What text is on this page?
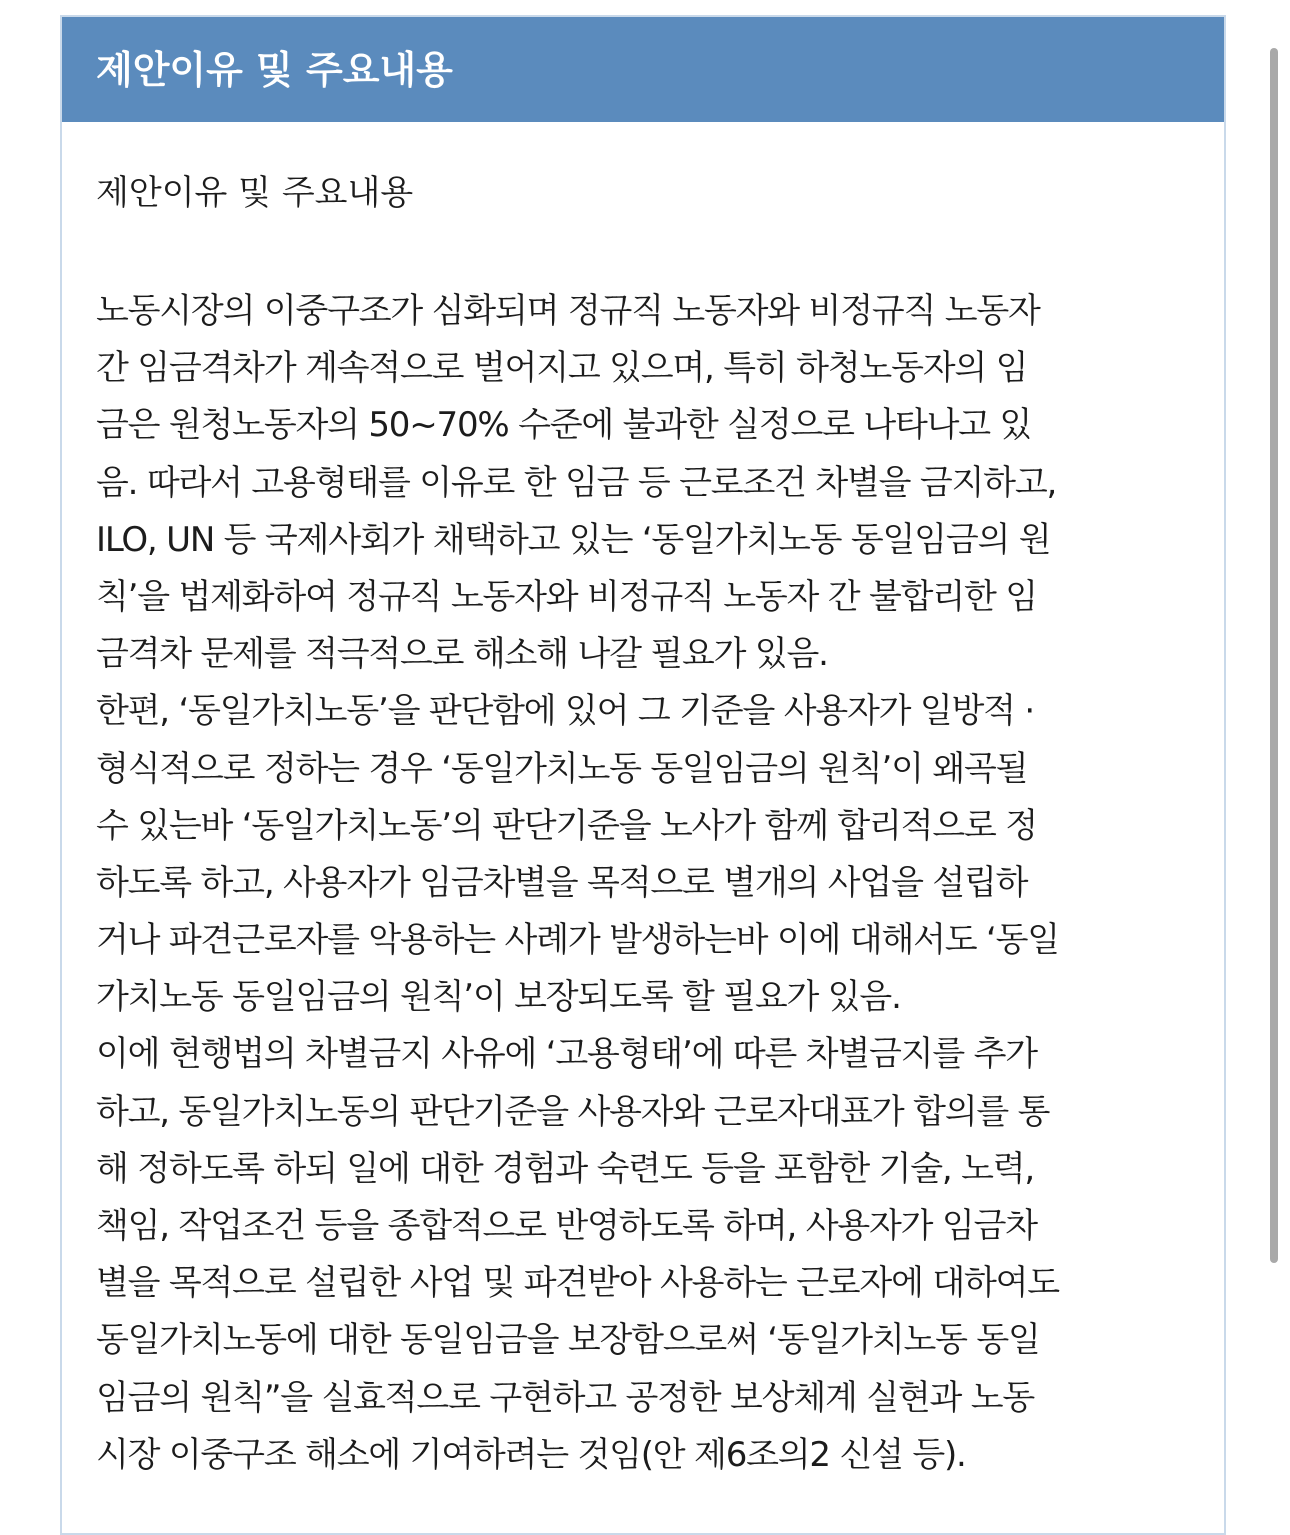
제안이유 및 주요내용

제안이유 및 주요내용

노동시장의 이중구조가 심화되며 정규직 노동자와 비정규직 노동자
간 임금격차가 계속적으로 벌어지고 있으며, 특히 하청노동자의 임
금은 원청노동자의 50~70% 수준에 불과한 실정으로 나타나고 있
음. 따라서 고용형태를 이유로 한 임금 등 근로조건 차별을 금지하고,
ILO, UN 등 국제사회가 채택하고 있는 ‘동일가치노동 동일임금의 원
칙’을 법제화하여 정규직 노동자와 비정규직 노동자 간 불합리한 임
금격차 문제를 적극적으로 해소해 나갈 필요가 있음.
한편, ‘동일가치노동’을 판단함에 있어 그 기준을 사용자가 일방적 ·
형식적으로 정하는 경우 ‘동일가치노동 동일임금의 원칙’이 왜곡될
수 있는바 ‘동일가치노동’의 판단기준을 노사가 함께 합리적으로 정
하도록 하고, 사용자가 임금차별을 목적으로 별개의 사업을 설립하
거나 파견근로자를 악용하는 사례가 발생하는바 이에 대해서도 ‘동일
가치노동 동일임금의 원칙’이 보장되도록 할 필요가 있음.
이에 현행법의 차별금지 사유에 ‘고용형태’에 따른 차별금지를 추가
하고, 동일가치노동의 판단기준을 사용자와 근로자대표가 합의를 통
해 정하도록 하되 일에 대한 경험과 숙련도 등을 포함한 기술, 노력,
책임, 작업조건 등을 종합적으로 반영하도록 하며, 사용자가 임금차
별을 목적으로 설립한 사업 및 파견받아 사용하는 근로자에 대하여도
동일가치노동에 대한 동일임금을 보장함으로써 ‘동일가치노동 동일
임금의 원칙”을 실효적으로 구현하고 공정한 보상체계 실현과 노동
시장 이중구조 해소에 기여하려는 것임(안 제6조의2 신설 등).
